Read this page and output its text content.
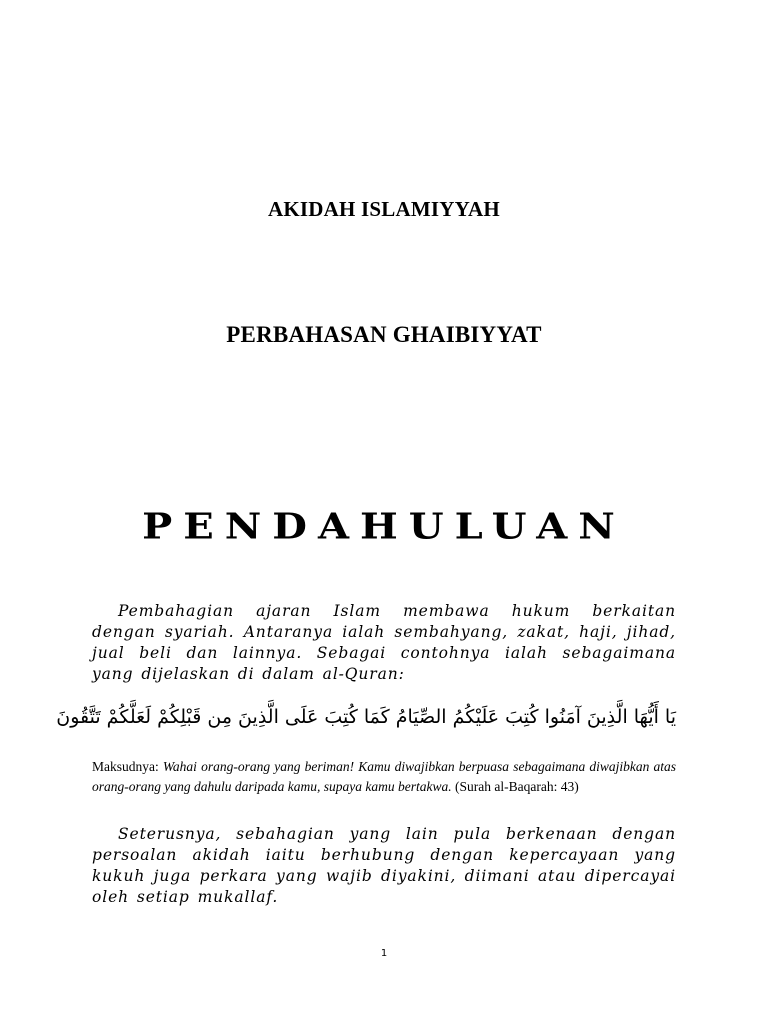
AKIDAH ISLAMIYYAH
PERBAHASAN GHAIBIYYAT
PENDAHULUAN
Pembahagian ajaran Islam membawa hukum berkaitan dengan syariah. Antaranya ialah sembahyang, zakat, haji, jihad, jual beli dan lainnya. Sebagai contohnya ialah sebagaimana yang dijelaskan di dalam al-Quran:
يَا أَيُّهَا الَّذِينَ آمَنُوا كُتِبَ عَلَيْكُمُ الصِّيَامُ كَمَا كُتِبَ عَلَى الَّذِينَ مِن قَبْلِكُمْ لَعَلَّكُمْ تَتَّقُونَ
Maksudnya: Wahai orang-orang yang beriman! Kamu diwajibkan berpuasa sebagaimana diwajibkan atas orang-orang yang dahulu daripada kamu, supaya kamu bertakwa. (Surah al-Baqarah: 43)
Seterusnya, sebahagian yang lain pula berkenaan dengan persoalan akidah iaitu berhubung dengan kepercayaan yang kukuh juga perkara yang wajib diyakini, diimani atau dipercayai oleh setiap mukallaf.
1
